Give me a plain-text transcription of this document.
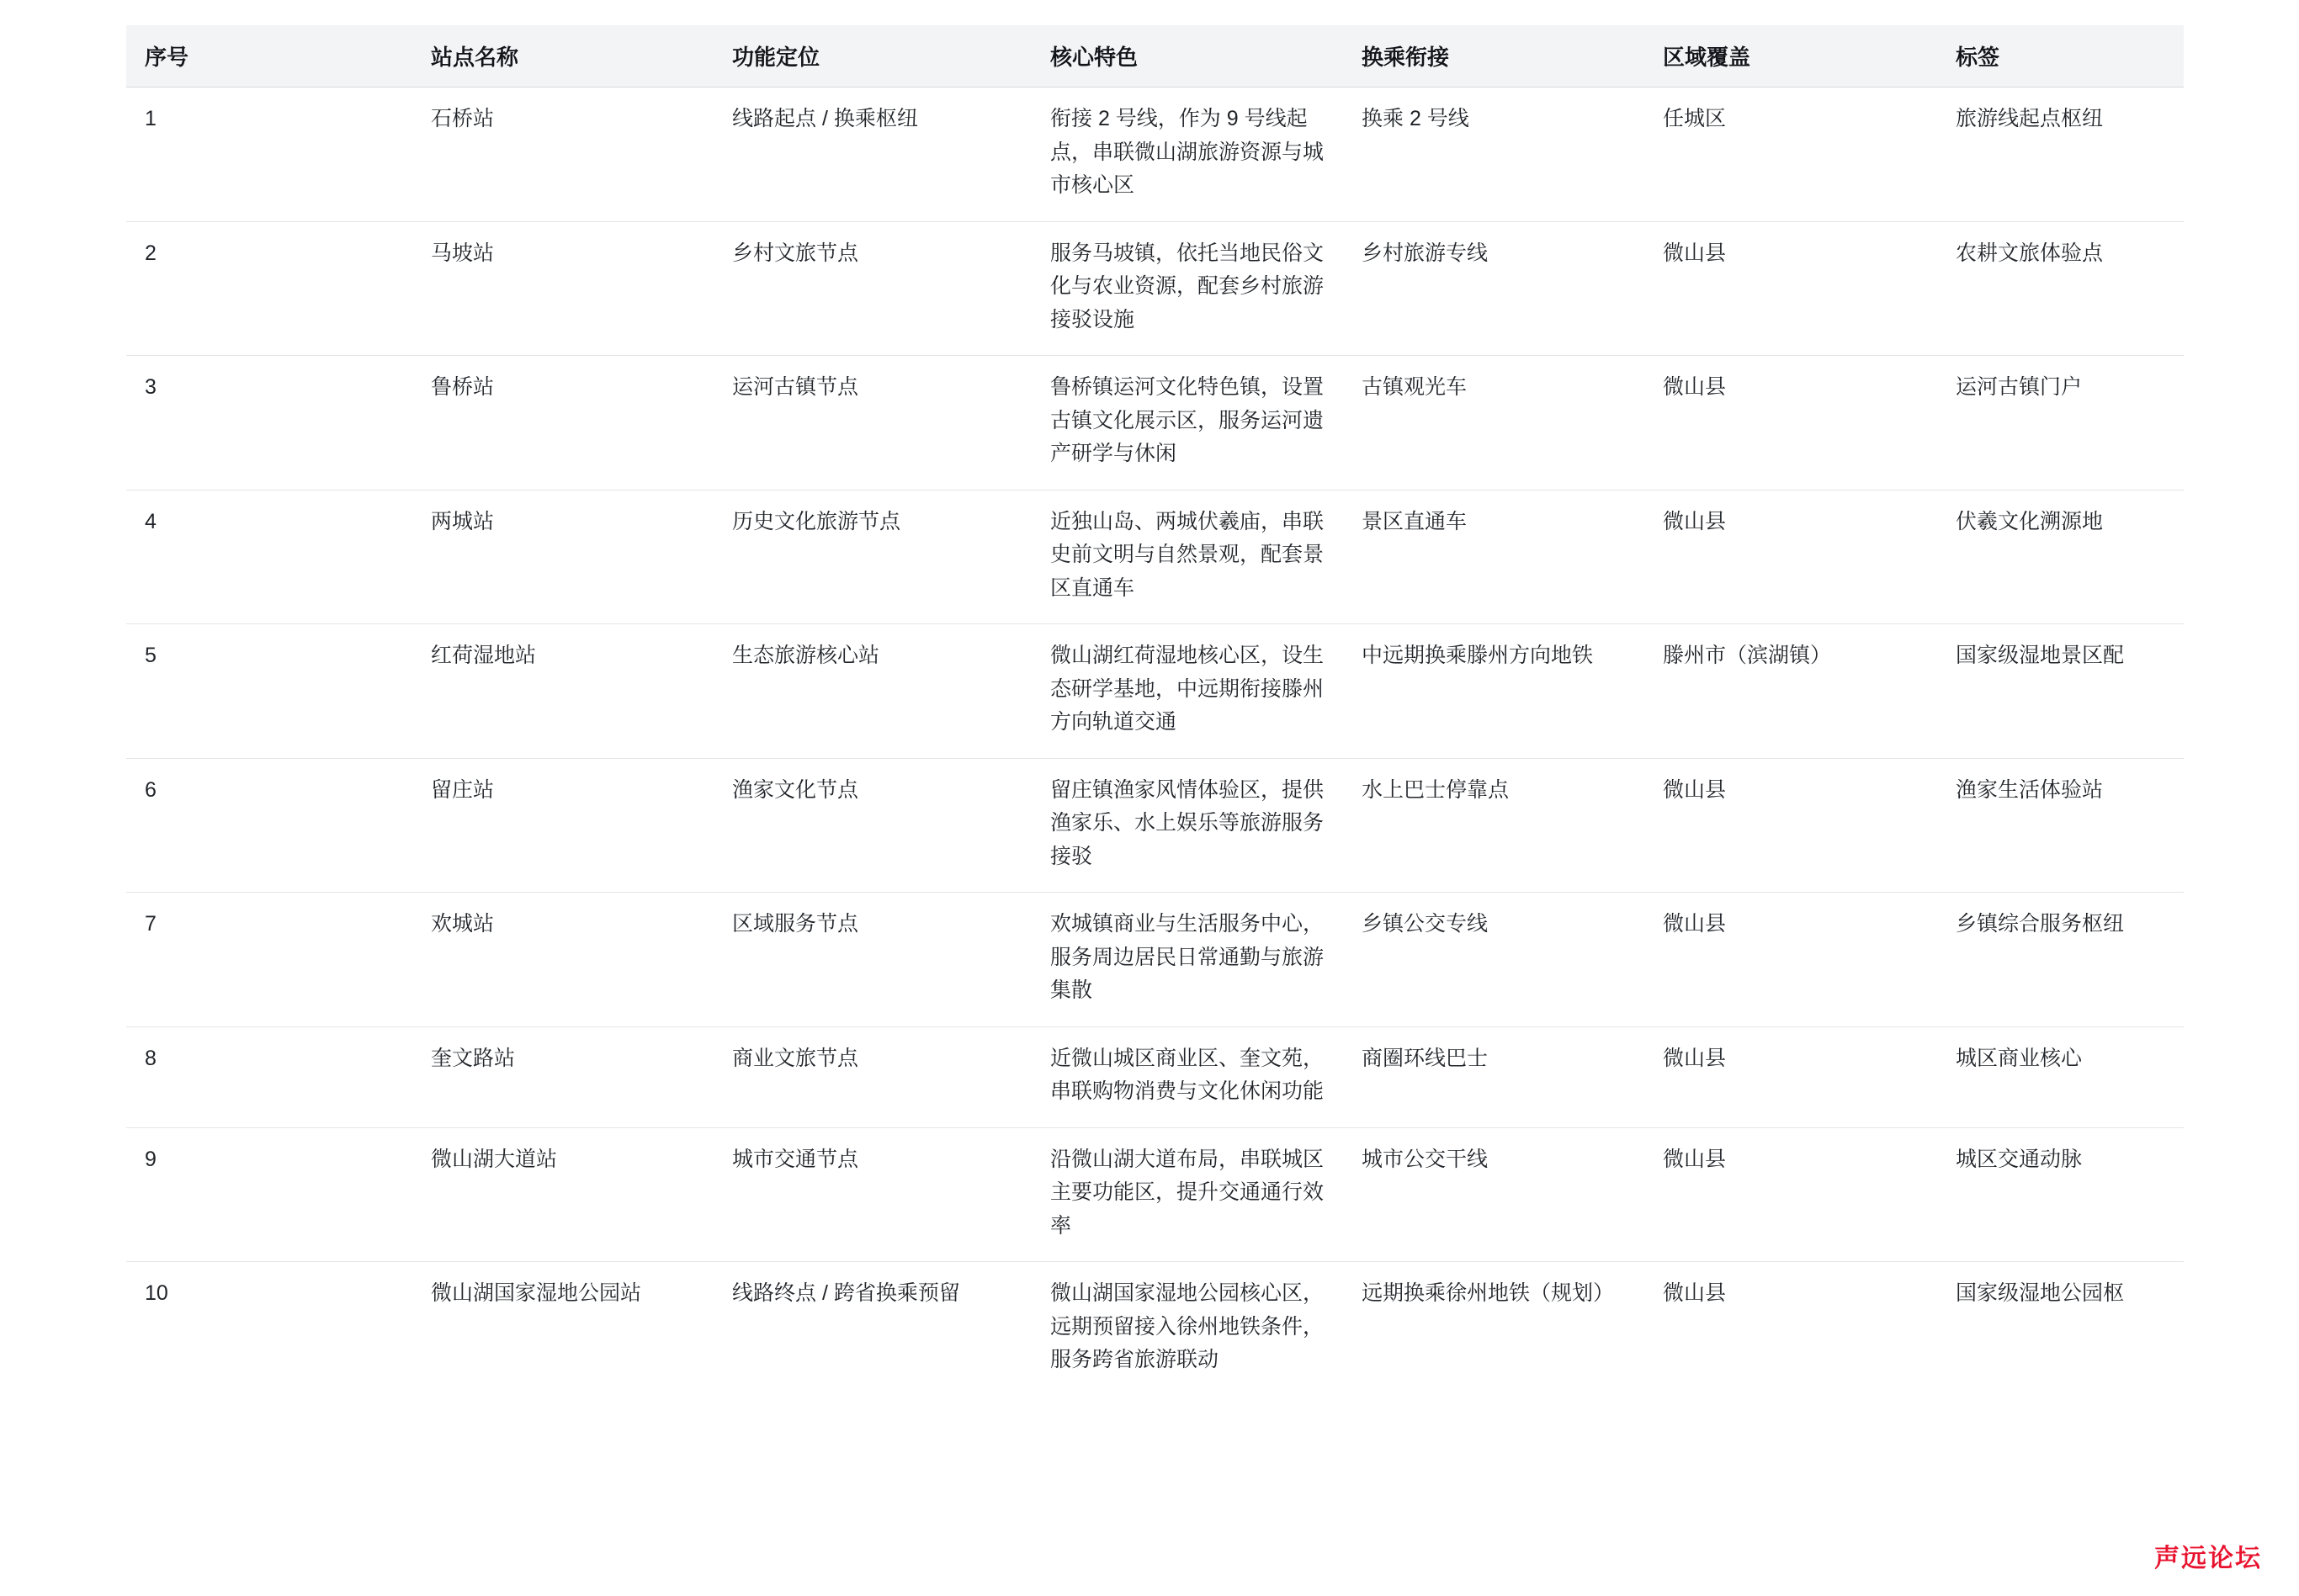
序号	站点名称	功能定位	核心特色	换乘衔接	区域覆盖	标签
1	石桥站	线路起点 / 换乘枢纽	衔接 2 号线，作为 9 号线起点，串联微山湖旅游资源与城市核心区	换乘 2 号线	任城区	旅游线起点枢纽
2	马坡站	乡村文旅节点	服务马坡镇，依托当地民俗文化与农业资源，配套乡村旅游接驳设施	乡村旅游专线	微山县	农耕文旅体验点
3	鲁桥站	运河古镇节点	鲁桥镇运河文化特色镇，设置古镇文化展示区，服务运河遗产研学与休闲	古镇观光车	微山县	运河古镇门户
4	两城站	历史文化旅游节点	近独山岛、两城伏羲庙，串联史前文明与自然景观，配套景区直通车	景区直通车	微山县	伏羲文化溯源地
5	红荷湿地站	生态旅游核心站	微山湖红荷湿地核心区，设生态研学基地，中远期衔接滕州方向轨道交通	中远期换乘滕州方向地铁	滕州市（滨湖镇）	国家级湿地景区配
6	留庄站	渔家文化节点	留庄镇渔家风情体验区，提供渔家乐、水上娱乐等旅游服务接驳	水上巴士停靠点	微山县	渔家生活体验站
7	欢城站	区域服务节点	欢城镇商业与生活服务中心，服务周边居民日常通勤与旅游集散	乡镇公交专线	微山县	乡镇综合服务枢纽
8	奎文路站	商业文旅节点	近微山城区商业区、奎文苑，串联购物消费与文化休闲功能	商圈环线巴士	微山县	城区商业核心
9	微山湖大道站	城市交通节点	沿微山湖大道布局，串联城区主要功能区，提升交通通行效率	城市公交干线	微山县	城区交通动脉
10	微山湖国家湿地公园站	线路终点 / 跨省换乘预留	微山湖国家湿地公园核心区，远期预留接入徐州地铁条件，服务跨省旅游联动	远期换乘徐州地铁（规划）	微山县	国家级湿地公园枢
声远论坛
